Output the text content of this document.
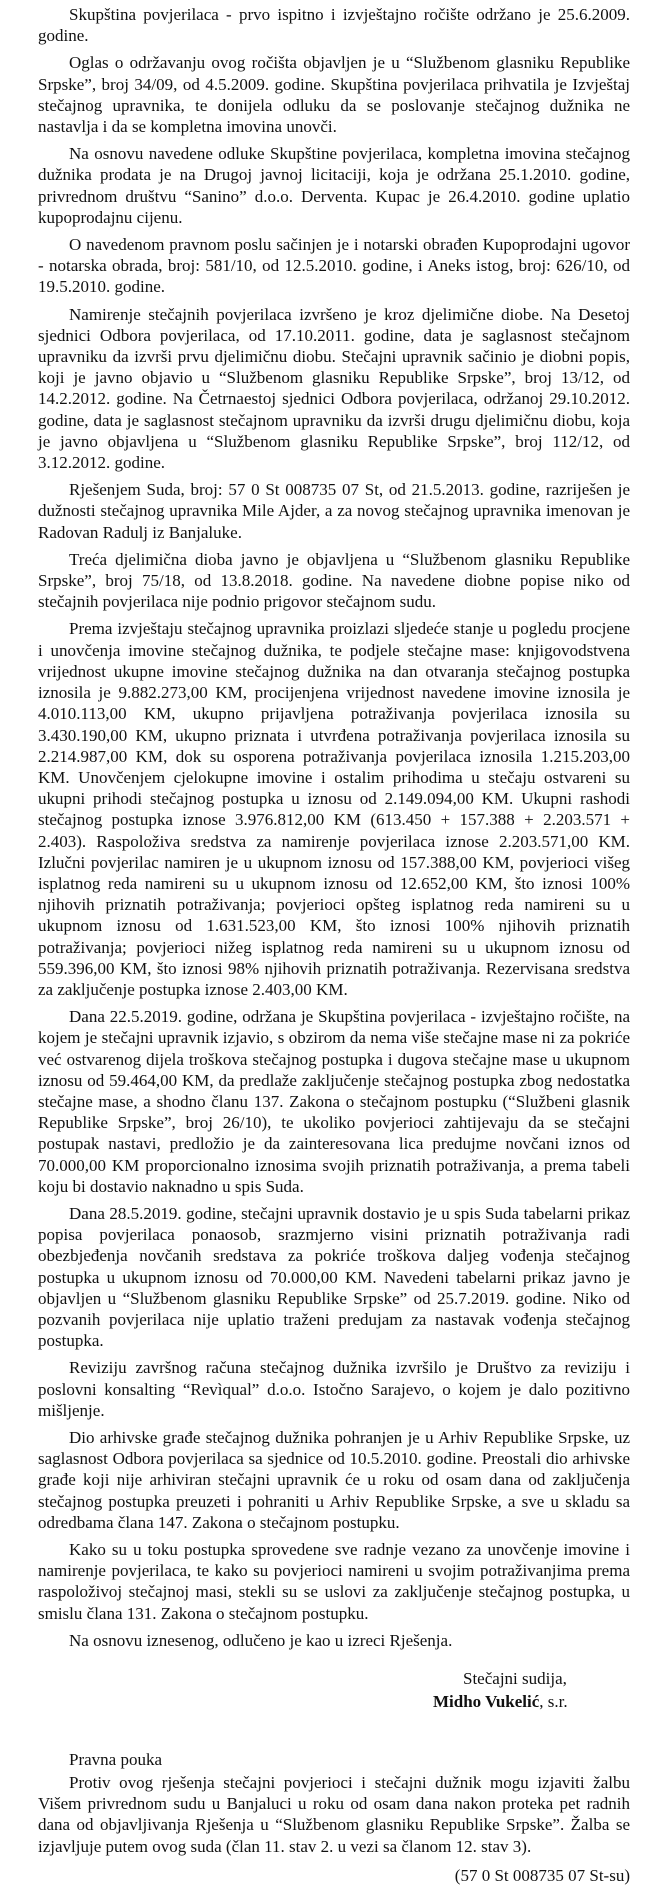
Skupština povjerilaca - prvo ispitno i izvještajno ročište održano je 25.6.2009. godine.

Oglas o održavanju ovog ročišta objavljen je u “Službenom glasniku Republike Srpske”, broj 34/09, od 4.5.2009. godine. Skupština povjerilaca prihvatila je Izvještaj stečajnog upravnika, te donijela odluku da se poslovanje stečajnog dužnika ne nastavlja i da se kompletna imovina unovči.

Na osnovu navedene odluke Skupštine povjerilaca, kompletna imovina stečajnog dužnika prodata je na Drugoj javnoj licitaciji, koja je održana 25.1.2010. godine, privrednom društvu “Sanino” d.o.o. Derventa. Kupac je 26.4.2010. godine uplatio kupoprodajnu cijenu.

O navedenom pravnom poslu sačinjen je i notarski obrađen Kupoprodajni ugovor - notarska obrada, broj: 581/10, od 12.5.2010. godine, i Aneks istog, broj: 626/10, od 19.5.2010. godine.

Namirenje stečajnih povjerilaca izvršeno je kroz djelimične diobe. Na Desetoj sjednici Odbora povjerilaca, od 17.10.2011. godine, data je saglasnost stečajnom upravniku da izvrši prvu djelimičnu diobu. Stečajni upravnik sačinio je diobni popis, koji je javno objavio u “Službenom glasniku Republike Srpske”, broj 13/12, od 14.2.2012. godine. Na Četrnaestoj sjednici Odbora povjerilaca, održanoj 29.10.2012. godine, data je saglasnost stečajnom upravniku da izvrši drugu djelimičnu diobu, koja je javno objavljena u “Službenom glasniku Republike Srpske”, broj 112/12, od 3.12.2012. godine.

Rješenjem Suda, broj: 57 0 St 008735 07 St, od 21.5.2013. godine, razriješen je dužnosti stečajnog upravnika Mile Ajder, a za novog stečajnog upravnika imenovan je Radovan Radulj iz Banjaluke.

Treća djelimična dioba javno je objavljena u “Službenom glasniku Republike Srpske”, broj 75/18, od 13.8.2018. godine. Na navedene diobne popise niko od stečajnih povjerilaca nije podnio prigovor stečajnom sudu.

Prema izvještaju stečajnog upravnika proizlazi sljedeće stanje u pogledu procjene i unovčenja imovine stečajnog dužnika, te podjele stečajne mase: knjigovodstvena vrijednost ukupne imovine stečajnog dužnika na dan otvaranja stečajnog postupka iznosila je 9.882.273,00 KM, procijenjena vrijednost navedene imovine iznosila je 4.010.113,00 KM, ukupno prijavljena potraživanja povjerilaca iznosila su 3.430.190,00 KM, ukupno priznata i utvrđena potraživanja povjerilaca iznosila su 2.214.987,00 KM, dok su osporena potraživanja povjerilaca iznosila 1.215.203,00 KM. Unovčenjem cjelokupne imovine i ostalim prihodima u stečaju ostvareni su ukupni prihodi stečajnog postupka u iznosu od 2.149.094,00 KM. Ukupni rashodi stečajnog postupka iznose 3.976.812,00 KM (613.450 + 157.388 + 2.203.571 + 2.403). Raspoloživa sredstva za namirenje povjerilaca iznose 2.203.571,00 KM. Izlučni povjerilac namiren je u ukupnom iznosu od 157.388,00 KM, povjerioci višeg isplatnog reda namireni su u ukupnom iznosu od 12.652,00 KM, što iznosi 100% njihovih priznatih potraživanja; povjerioci opšteg isplatnog reda namireni su u ukupnom iznosu od 1.631.523,00 KM, što iznosi 100% njihovih priznatih potraživanja; povjerioci nižeg isplatnog reda namireni su u ukupnom iznosu od 559.396,00 KM, što iznosi 98% njihovih priznatih potraživanja. Rezervisana sredstva za zaključenje postupka iznose 2.403,00 KM.

Dana 22.5.2019. godine, održana je Skupština povjerilaca - izvještajno ročište, na kojem je stečajni upravnik izjavio, s obzirom da nema više stečajne mase ni za pokriće već ostvarenog dijela troškova stečajnog postupka i dugova stečajne mase u ukupnom iznosu od 59.464,00 KM, da predlaže zaključenje stečajnog postupka zbog nedostatka stečajne mase, a shodno članu 137. Zakona o stečajnom postupku (“Službeni glasnik Republike Srpske”, broj 26/10), te ukoliko povjerioci zahtijevaju da se stečajni postupak nastavi, predložio je da zainteresovana lica predujme novčani iznos od 70.000,00 KM proporcionalno iznosima svojih priznatih potraživanja, a prema tabeli koju bi dostavio naknadno u spis Suda.

Dana 28.5.2019. godine, stečajni upravnik dostavio je u spis Suda tabelarni prikaz popisa povjerilaca ponaosob, srazmjerno visini priznatih potraživanja radi obezbjeđenja novčanih sredstava za pokriće troškova daljeg vođenja stečajnog postupka u ukupnom iznosu od 70.000,00 KM. Navedeni tabelarni prikaz javno je objavljen u “Službenom glasniku Republike Srpske” od 25.7.2019. godine. Niko od pozvanih povjerilaca nije uplatio traženi predujam za nastavak vođenja stečajnog postupka.

Reviziju završnog računa stečajnog dužnika izvršilo je Društvo za reviziju i poslovni konsalting “Revìqual” d.o.o. Istočno Sarajevo, o kojem je dalo pozitivno mišljenje.

Dio arhivske građe stečajnog dužnika pohranjen je u Arhiv Republike Srpske, uz saglasnost Odbora povjerilaca sa sjednice od 10.5.2010. godine. Preostali dio arhivske građe koji nije arhiviran stečajni upravnik će u roku od osam dana od zaključenja stečajnog postupka preuzeti i pohraniti u Arhiv Republike Srpske, a sve u skladu sa odredbama člana 147. Zakona o stečajnom postupku.

Kako su u toku postupka sprovedene sve radnje vezano za unovčenje imovine i namirenje povjerilaca, te kako su povjerioci namireni u svojim potraživanjima prema raspoloživoj stečajnoj masi, stekli su se uslovi za zaključenje stečajnog postupka, u smislu člana 131. Zakona o stečajnom postupku.

Na osnovu iznesenog, odlučeno je kao u izreci Rješenja.

Stečajni sudija,
Midho Vukelić, s.r.
Pravna pouka

Protiv ovog rješenja stečajni povjerioci i stečajni dužnik mogu izjaviti žalbu Višem privrednom sudu u Banjaluci u roku od osam dana nakon proteka pet radnih dana od objavljivanja Rješenja u “Službenom glasniku Republike Srpske”. Žalba se izjavljuje putem ovog suda (član 11. stav 2. u vezi sa članom 12. stav 3).

(57 0 St 008735 07 St-su)
